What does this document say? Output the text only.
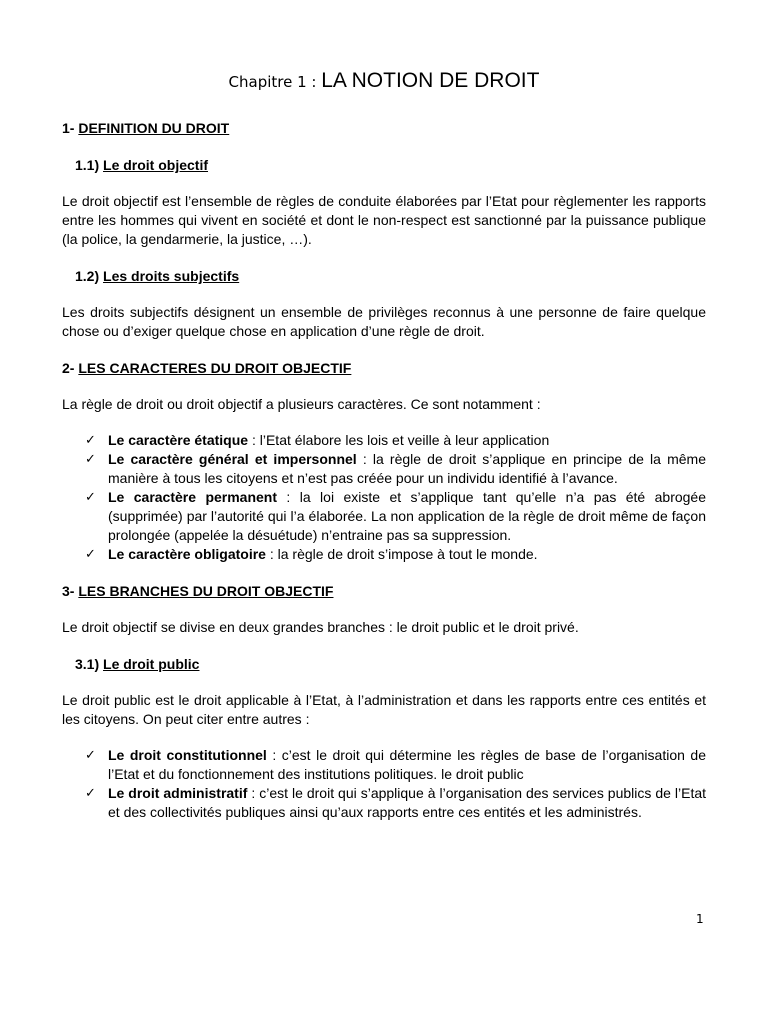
Chapitre 1 : LA NOTION DE DROIT
1- DEFINITION DU DROIT
1.1) Le droit objectif

Le droit objectif est l’ensemble de règles de conduite élaborées par l’Etat pour règlementer les rapports entre les hommes qui vivent en société et dont le non-respect est sanctionné par la puissance publique (la police, la gendarmerie, la justice, …).

1.2) Les droits subjectifs

Les droits subjectifs désignent un ensemble de privilèges reconnus à une personne de faire quelque chose ou d’exiger quelque chose en application d’une règle de droit.

2- LES CARACTERES DU DROIT OBJECTIF

La règle de droit ou droit objectif a plusieurs caractères. Ce sont notamment :

✓ Le caractère étatique : l’Etat élabore les lois et veille à leur application
✓ Le caractère général et impersonnel : la règle de droit s’applique en principe de la même manière à tous les citoyens et n’est pas créée pour un individu identifié à l’avance.
✓ Le caractère permanent : la loi existe et s’applique tant qu’elle n’a pas été abrogée (supprimée) par l’autorité qui l’a élaborée. La non application de la règle de droit même de façon prolongée (appelée la désuétude) n’entraine pas sa suppression.
✓ Le caractère obligatoire : la règle de droit s’impose à tout le monde.
3- LES BRANCHES DU DROIT OBJECTIF

Le droit objectif se divise en deux grandes branches : le droit public et le droit privé.

3.1) Le droit public

Le droit public est le droit applicable à l’Etat, à l’administration et dans les rapports entre ces entités et les citoyens. On peut citer entre autres :

✓ Le droit constitutionnel : c’est le droit qui détermine les règles de base de l’organisation de l’Etat et du fonctionnement des institutions politiques. le droit public
✓ Le droit administratif : c’est le droit qui s’applique à l’organisation des services publics de l’Etat et des collectivités publiques ainsi qu’aux rapports entre ces entités et les administrés.
1
